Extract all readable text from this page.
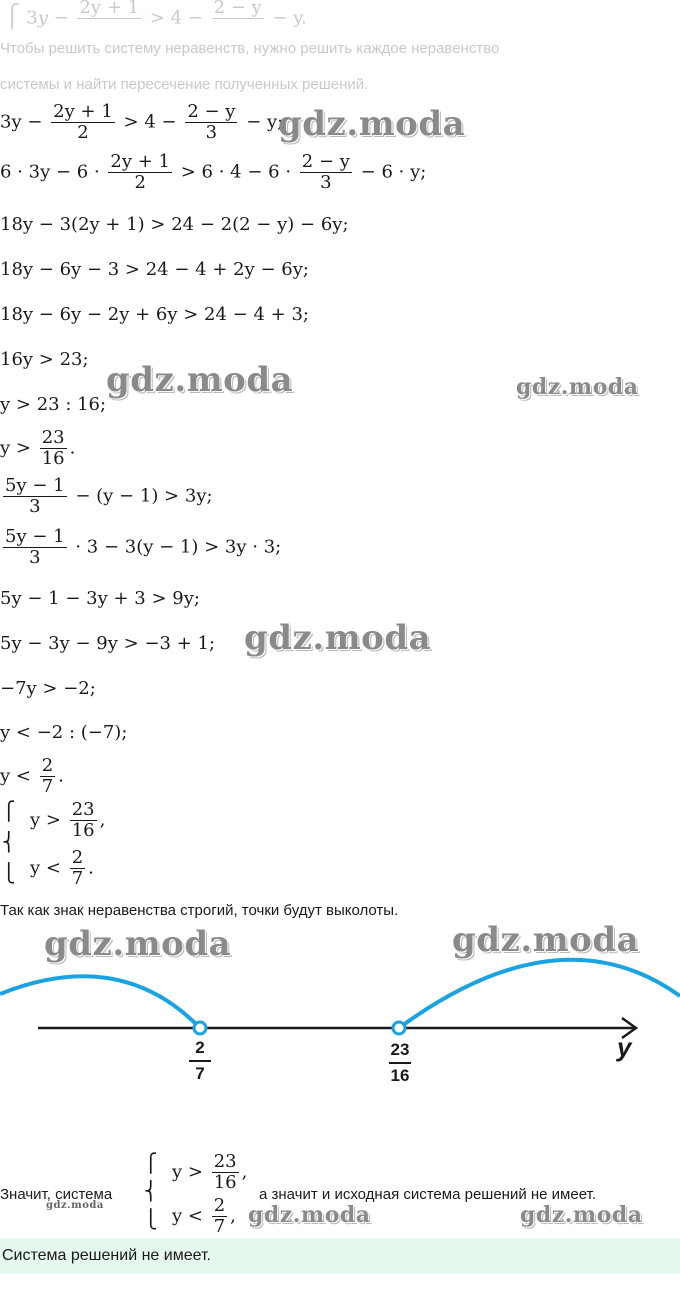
⎧ 3y − 2y + 1
> 4 − 2 − y
− y.
Чтобы решить систему неравенств, нужно решить каждое неравенство
системы и найти пересечение полученных решений.
$3y - \frac{2y + 1}{2} > 4 - \frac{2 - y}{3} - y$;
gdz.moda
$6 \cdot 3y - 6 \cdot \frac{2y + 1}{2} > 6 \cdot 4 - 6 \cdot \frac{2 - y}{3} - 6 \cdot y$;
18y − 3(2y + 1) > 24 − 2(2 − y) − 6y;
18y − 6y − 3 > 24 − 4 + 2y − 6y;
18y − 6y − 2y + 6y > 24 − 4 + 3;
16y > 23;
gdz.moda	gdz.moda
y > 23 : 16;
$y > \frac{23}{16}$ .
$\frac{5y - 1}{3} - (y - 1) > 3y$;
$\frac{5y - 1}{3} \cdot 3 - 3(y - 1) > 3y \cdot 3$;
5y − 1 − 3y + 3 > 9y;
5y − 3y − 9y > −3 + 1; gdz.moda
−7y > −2;
y < −2 : (−7);
$y < \frac{2}{7}$ .
⎧
⎨
⎩
$y > \frac{23}{16}$ ,
$y < \frac{2}{7}$ .
Так как знак неравенства строгий, точки будут выколоты.
gdz.moda	gdz.moda
y
2
7
23
16
Значит, система
gdz.moda
⎧
⎨
⎩
$y > \frac{23}{16}$ ,
$y < \frac{2}{7}$ ,
а значит и исходная система решений не имеет.
gdz.moda	gdz.moda
Система решений не имеет.
